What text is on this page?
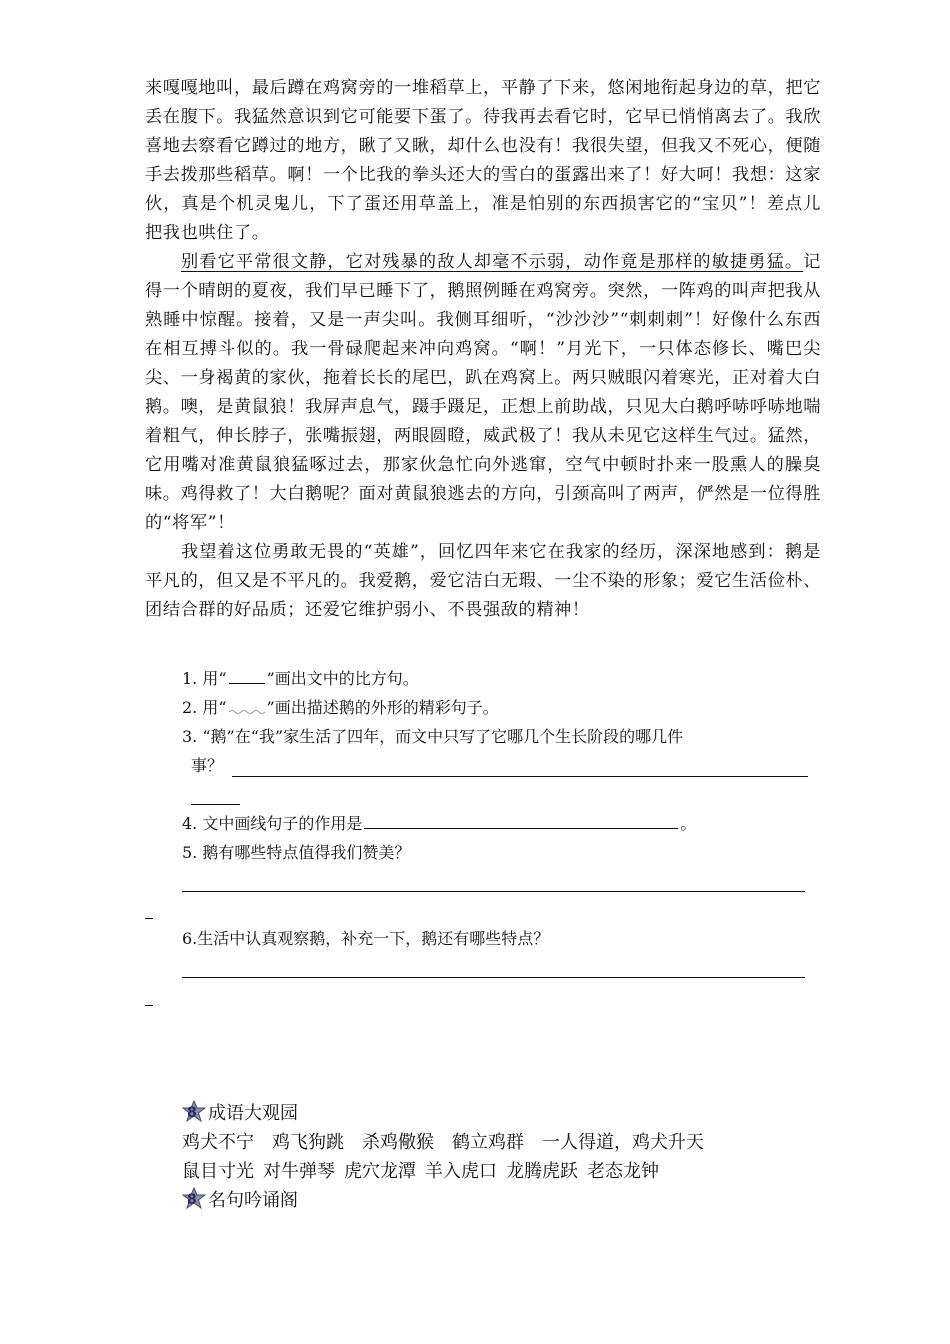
来嘎嘎地叫，最后蹲在鸡窝旁的一堆稻草上，平静了下来，悠闲地衔起身边的草，把它丢在腹下。我猛然意识到它可能要下蛋了。待我再去看它时，它早已悄悄离去了。我欣喜地去察看它蹲过的地方，瞅了又瞅，却什么也没有！我很失望，但我又不死心，便随手去拨那些稻草。啊！一个比我的拳头还大的雪白的蛋露出来了！好大呵！我想：这家伙，真是个机灵鬼儿，下了蛋还用草盖上，准是怕别的东西损害它的“宝贝”！差点儿把我也哄住了。

别看它平常很文静，它对残暴的敌人却毫不示弱，动作竟是那样的敏捷勇猛。记得一个晴朗的夏夜，我们早已睡下了，鹅照例睡在鸡窝旁。突然，一阵鸡的叫声把我从熟睡中惊醒。接着，又是一声尖叫。我侧耳细听，“沙沙沙”“刺刺刺”！好像什么东西在相互搏斗似的。我一骨碌爬起来冲向鸡窝。“啊！”月光下，一只体态修长、嘴巴尖尖、一身褐黄的家伙，拖着长长的尾巴，趴在鸡窝上。两只贼眼闪着寒光，正对着大白鹅。噢，是黄鼠狼！我屏声息气，蹑手蹑足，正想上前助战，只见大白鹅呼哧呼哧地喘着粗气，伸长脖子，张嘴振翅，两眼圆瞪，威武极了！我从未见它这样生气过。猛然，它用嘴对准黄鼠狼猛啄过去，那家伙急忙向外逃窜，空气中顿时扑来一股熏人的臊臭味。鸡得救了！大白鹅呢？面对黄鼠狼逃去的方向，引颈高叫了两声，俨然是一位得胜的“将军”！

我望着这位勇敢无畏的“英雄”，回忆四年来它在我家的经历，深深地感到：鹅是平凡的，但又是不平凡的。我爱鹅，爱它洁白无瑕、一尘不染的形象；爱它生活俭朴、团结合群的好品质；还爱它维护弱小、不畏强敌的精神！

1. 用“	”画出文中的比方句。
2. 用“	”画出描述鹅的外形的精彩句子。
3. “鹅”在“我”家生活了四年，而文中只写了它哪几个生长阶段的哪几件
事？
4. 文中画线句子的作用是	。
5. 鹅有哪些特点值得我们赞美？
6.生活中认真观察鹅，补充一下，鹅还有哪些特点？
8 成语大观园
鸡犬不宁 鸡飞狗跳 杀鸡儆猴 鹤立鸡群 一人得道，鸡犬升天
鼠目寸光 对牛弹琴 虎穴龙潭 羊入虎口 龙腾虎跃 老态龙钟
8 名句吟诵阁
